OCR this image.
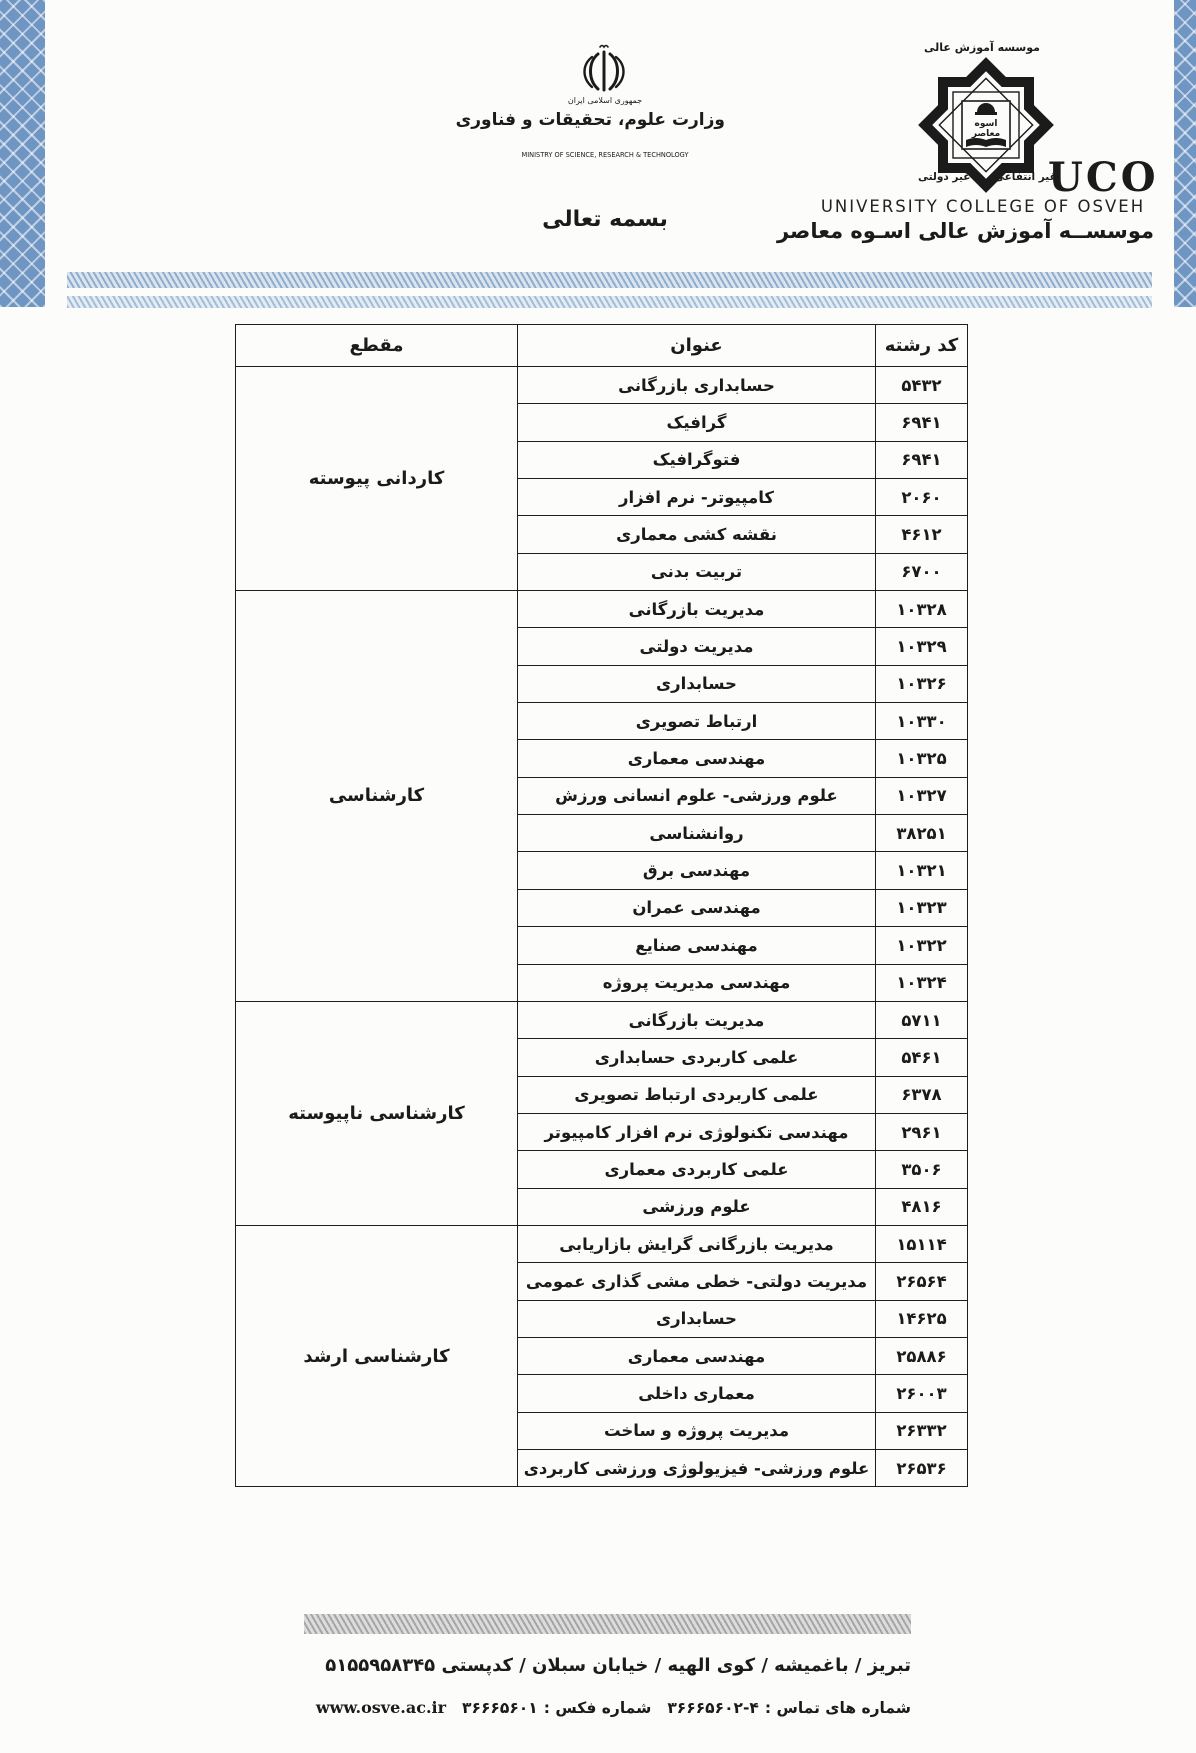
جمهوری اسلامی ایران
وزارت علوم، تحقیقات و فناوری
MINISTRY OF SCIENCE, RESEARCH & TECHNOLOGY
بسمه تعالی
موسسه آموزش عالی
اسوه
معاصر
غیر انتفاعی
غیر دولتی UCO
UNIVERSITY COLLEGE OF OSVEH
موسســه آموزش عالی اسـوه معاصر
کد رشته	عنوان	مقطع
۵۴۳۲	حسابداری بازرگانی	کاردانی پیوسته
۶۹۴۱	گرافیک	
۶۹۴۱	فتوگرافیک	
۲۰۶۰	کامپیوتر- نرم افزار	
۴۶۱۲	نقشه کشی معماری	
۶۷۰۰	تربیت بدنی	
۱۰۳۲۸	مدیریت بازرگانی	کارشناسی
۱۰۳۲۹	مدیریت دولتی	
۱۰۳۲۶	حسابداری	
۱۰۳۳۰	ارتباط تصویری	
۱۰۳۲۵	مهندسی معماری	
۱۰۳۲۷	علوم ورزشی- علوم انسانی ورزش	
۳۸۲۵۱	روانشناسی	
۱۰۳۲۱	مهندسی برق	
۱۰۳۲۳	مهندسی عمران	
۱۰۳۲۲	مهندسی صنایع	
۱۰۳۲۴	مهندسی مدیریت پروژه	
۵۷۱۱	مدیریت بازرگانی	کارشناسی ناپیوسته
۵۴۶۱	علمی کاربردی حسابداری	
۶۳۷۸	علمی کاربردی ارتباط تصویری	
۲۹۶۱	مهندسی تکنولوژی نرم افزار کامپیوتر	
۳۵۰۶	علمی کاربردی معماری	
۴۸۱۶	علوم ورزشی	
۱۵۱۱۴	مدیریت بازرگانی گرایش بازاریابی	کارشناسی ارشد
۲۶۵۶۴	مدیریت دولتی- خطی مشی گذاری عمومی	
۱۴۶۲۵	حسابداری	
۲۵۸۸۶	مهندسی معماری	
۲۶۰۰۳	معماری داخلی	
۲۶۳۳۲	مدیریت پروژه و ساخت	
۲۶۵۳۶	علوم ورزشی- فیزیولوژی ورزشی کاربردی	
تبریز / باغمیشه / کوی الهیه / خیابان سبلان / کدپستی ۵۱۵۵۹۵۸۳۴۵
شماره های تماس :
۳۶۶۶۵۶۰۲-۴
شماره فکس :
۳۶۶۶۵۶۰۱
www.osve.ac.ir
